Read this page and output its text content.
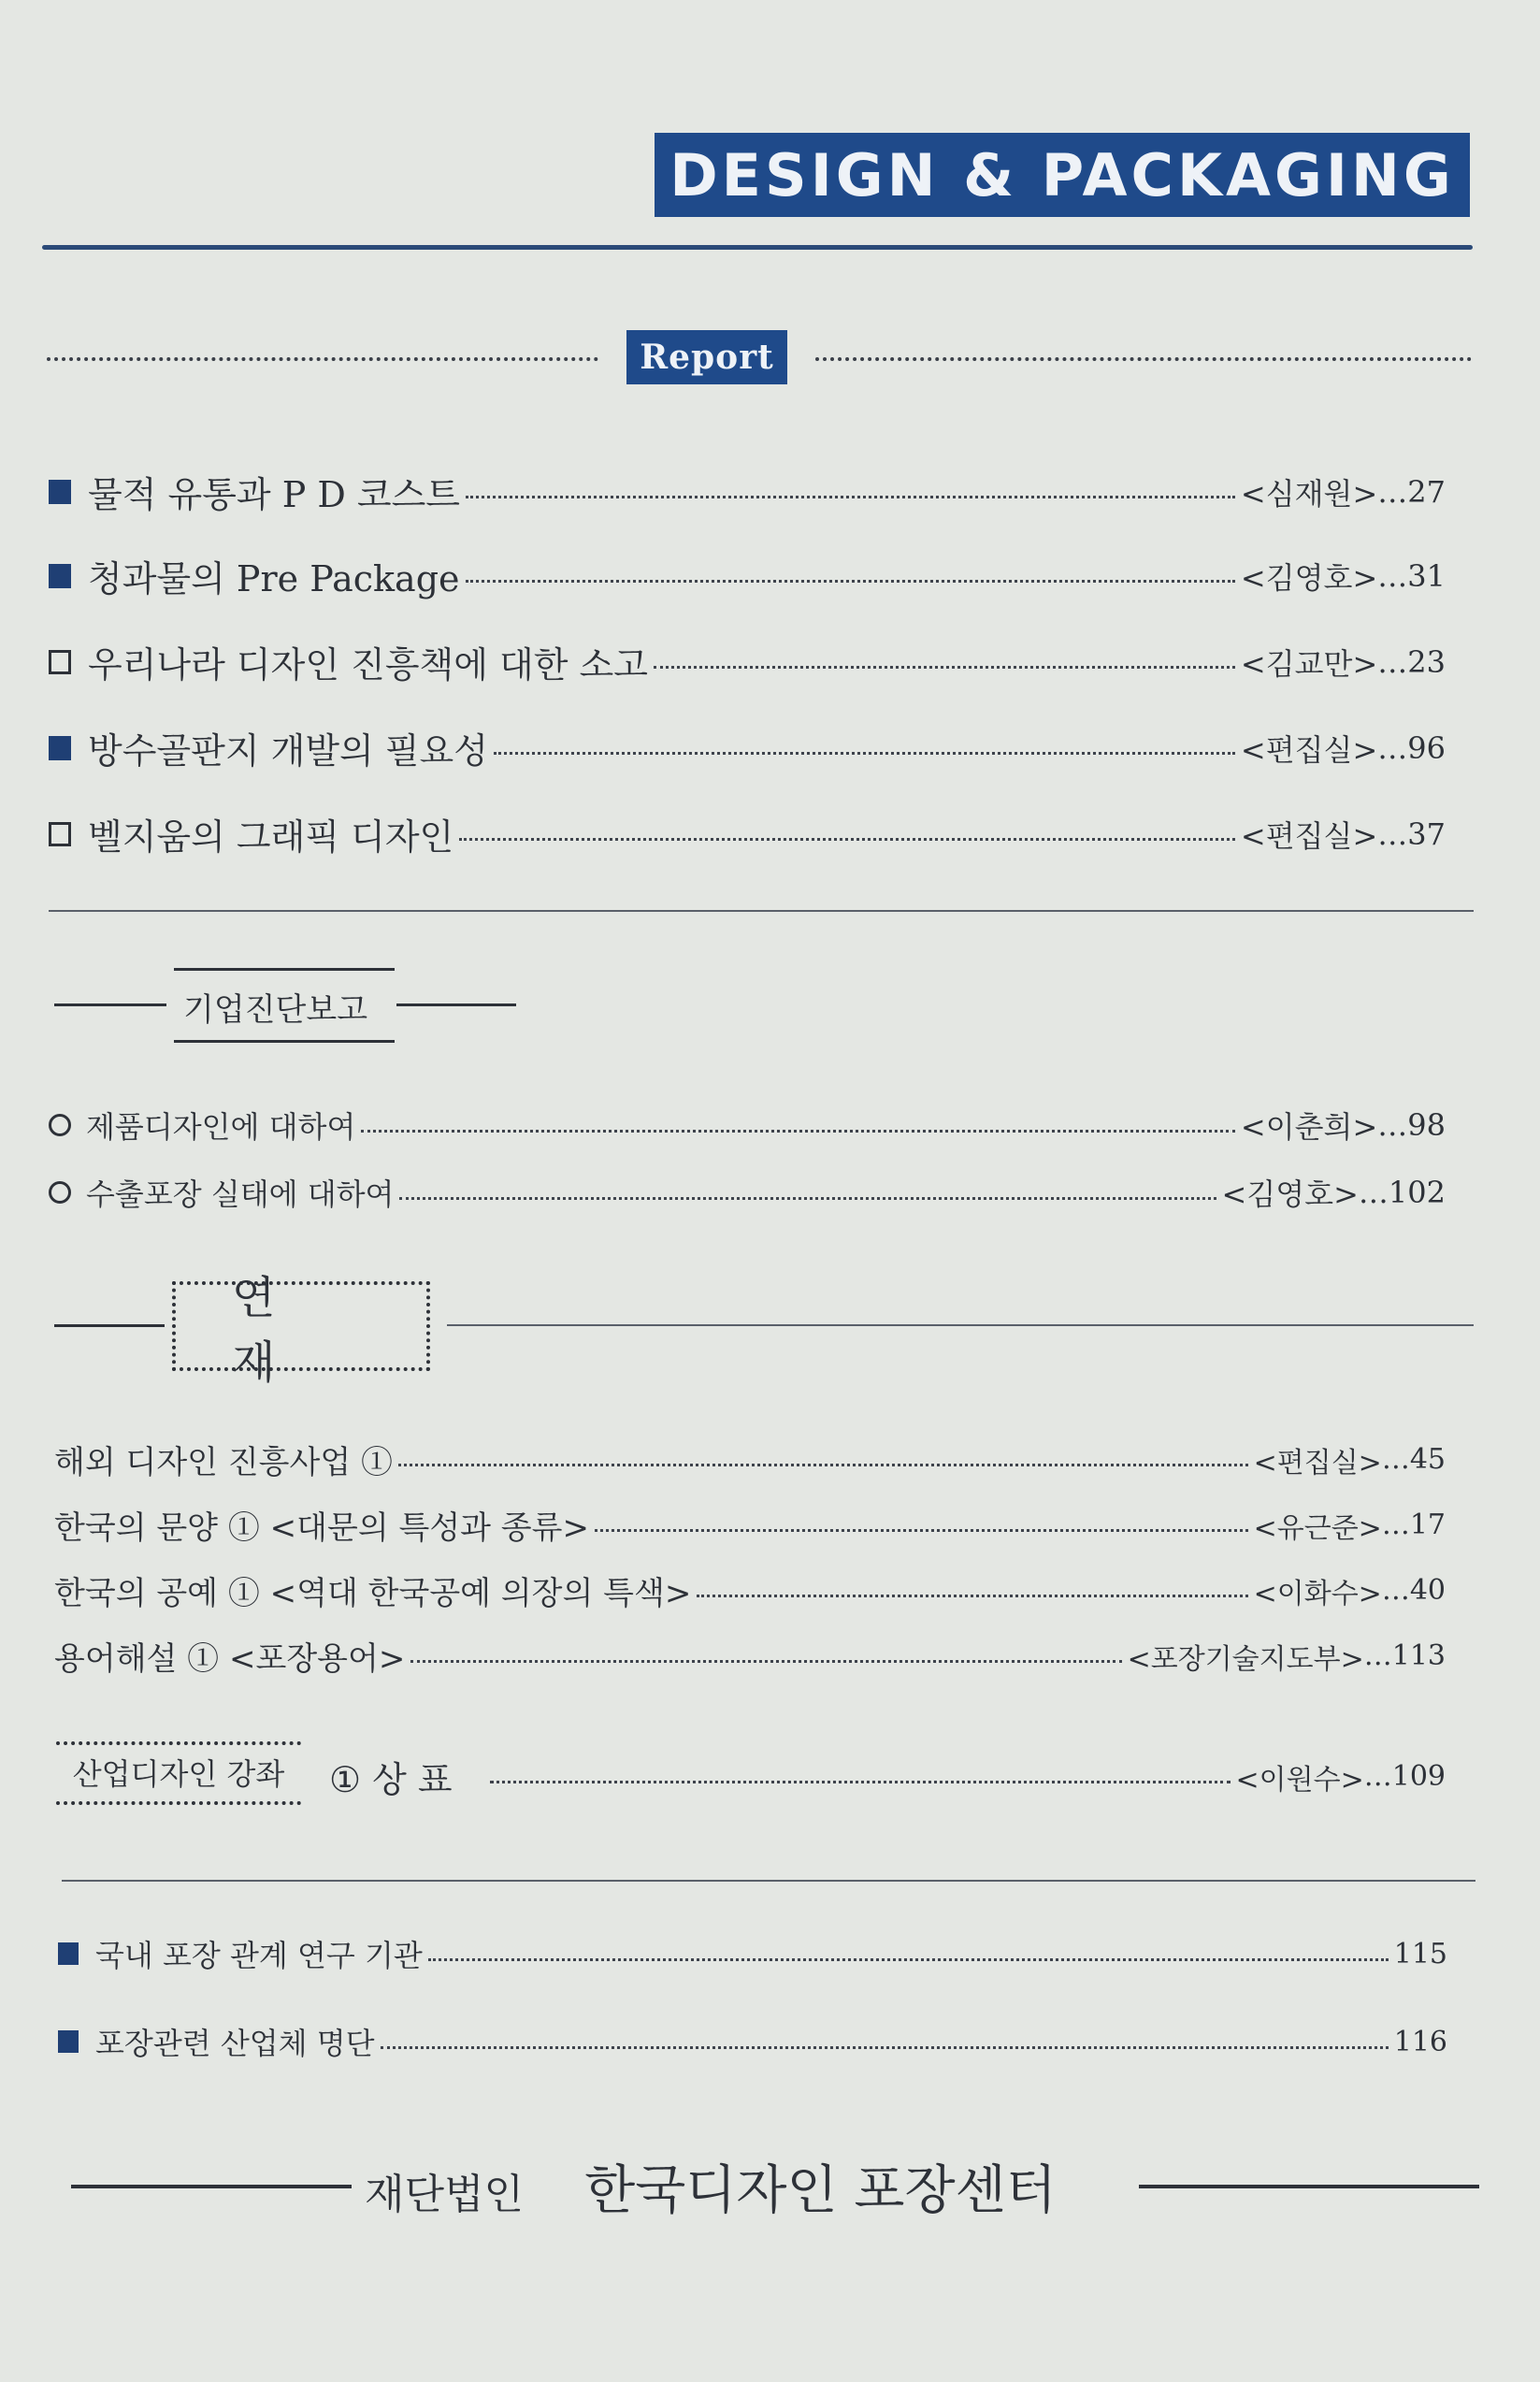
DESIGN & PACKAGING
Report
물적 유통과 P D 코스트	<심재원> …27
청과물의 Pre Package	<김영호> …31
우리나라 디자인 진흥책에 대한 소고	<김교만> …23
방수골판지 개발의 필요성	<편집실> …96
벨지움의 그래픽 디자인	<편집실> …37
기업진단보고
제품디자인에 대하여	<이춘희> …98
수출포장 실태에 대하여	<김영호> …102
연재
해외 디자인 진흥사업 ①	<편집실> …45
한국의 문양 ① <대문의 특성과 종류>	<유근준> …17
한국의 공예 ① <역대 한국공예 의장의 특색>	<이화수> …40
용어해설 ① <포장용어>	<포장기술지도부> …113
산업디자인 강좌	① 상 표	<이원수> …109
국내 포장 관계 연구 기관	115
포장관련 산업체 명단	116
재단법인 한국디자인 포장센터
